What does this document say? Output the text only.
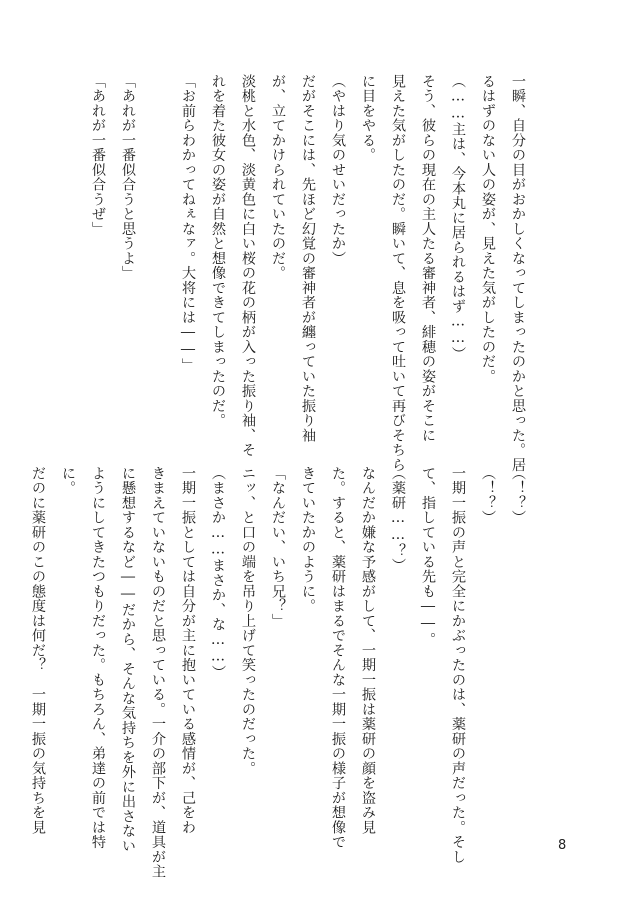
一瞬、自分の目がおかしくなってしまったのかと思った。居

るはずのない人の姿が、見えた気がしたのだ。

（……主は、今本丸に居られるはず……）

そう、彼らの現在の主人たる審神者、緋穂の姿がそこに

見えた気がしたのだ。瞬いて、息を吸って吐いて再びそちら

に目をやる。

（やはり気のせいだったか）

だがそこには、先ほど幻覚の審神者が纏っていた振り袖

が、立てかけられていたのだ。

淡桃と水色、淡黄色に白い桜の花の柄が入った振り袖、そ

れを着た彼女の姿が自然と想像できてしまったのだ。

「お前らわかってねぇなァ。大将には――」

「あれが一番似合うと思うよ」

「あれが一番似合うぜ」

（！？）

（！？）

一期一振の声と完全にかぶったのは、薬研の声だった。そし

て、指している先も――。

（薬研……？）

なんだか嫌な予感がして、一期一振は薬研の顔を盗み見

た。すると、薬研はまるでそんな一期一振の様子が想像で

きていたかのように。

「なんだい、いち兄？」

ニッ、と口の端を吊り上げて笑ったのだった。

（まさか……まさか、な……）

一期一振としては自分が主に抱いている感情が、己をわ

きまえていないものだと思っている。一介の部下が、道具が主

に懸想するなど――だから、そんな気持ちを外に出さない

ようにしてきたつもりだった。もちろん、弟達の前では特

に。

だのに薬研のこの態度は何だ？　一期一振の気持ちを見

8
